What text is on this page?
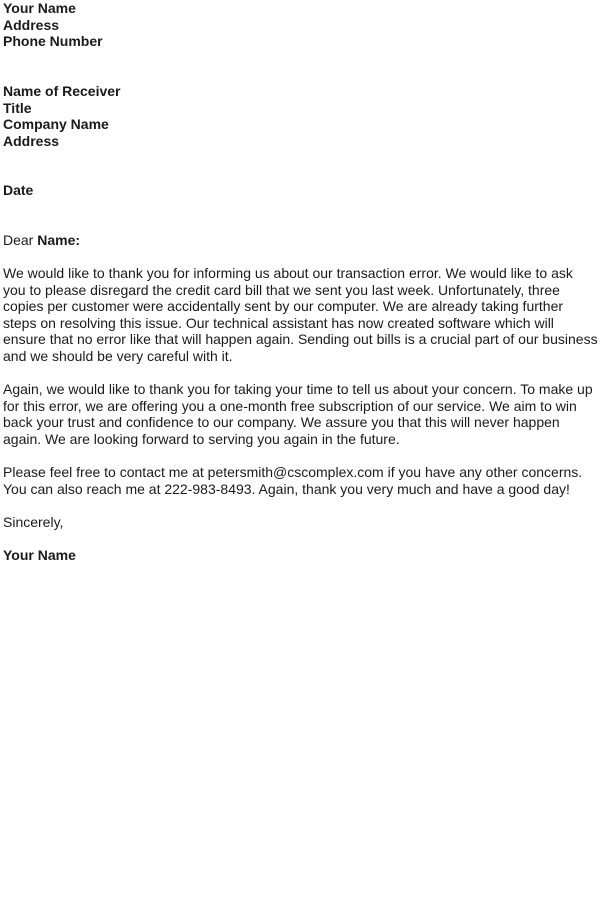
Your Name
Address
Phone Number
Name of Receiver
Title
Company Name
Address
Date
Dear Name:
We would like to thank you for informing us about our transaction error. We would like to ask
you to please disregard the credit card bill that we sent you last week. Unfortunately, three
copies per customer were accidentally sent by our computer. We are already taking further
steps on resolving this issue. Our technical assistant has now created software which will
ensure that no error like that will happen again. Sending out bills is a crucial part of our business
and we should be very careful with it.
Again, we would like to thank you for taking your time to tell us about your concern. To make up
for this error, we are offering you a one-month free subscription of our service. We aim to win
back your trust and confidence to our company. We assure you that this will never happen
again. We are looking forward to serving you again in the future.
Please feel free to contact me at petersmith@cscomplex.com if you have any other concerns.
You can also reach me at 222-983-8493. Again, thank you very much and have a good day!
Sincerely,
Your Name
